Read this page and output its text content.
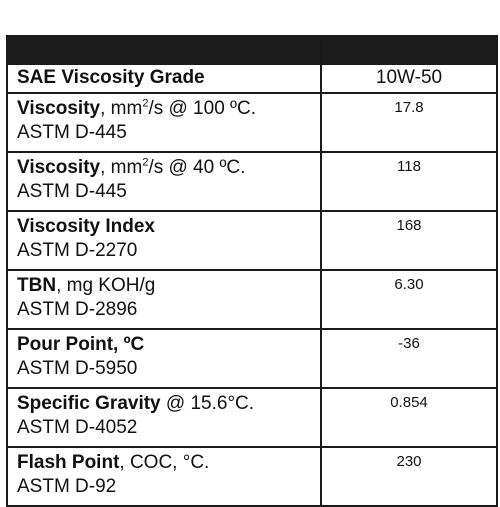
SAE Viscosity Grade	10W-50
Viscosity, $mm^2/s$ @ 100 ºC.
ASTM D-445	17.8
Viscosity, $mm^2/s$ @ 40 ºC.
ASTM D-445	118
Viscosity Index
ASTM D-2270	168
TBN, mg KOH/g
ASTM D-2896	6.30
Pour Point, ºC
ASTM D-5950	-36
Specific Gravity @ 15.6°C.
ASTM D-4052	0.854
Flash Point, COC, °C.
ASTM D-92	230
